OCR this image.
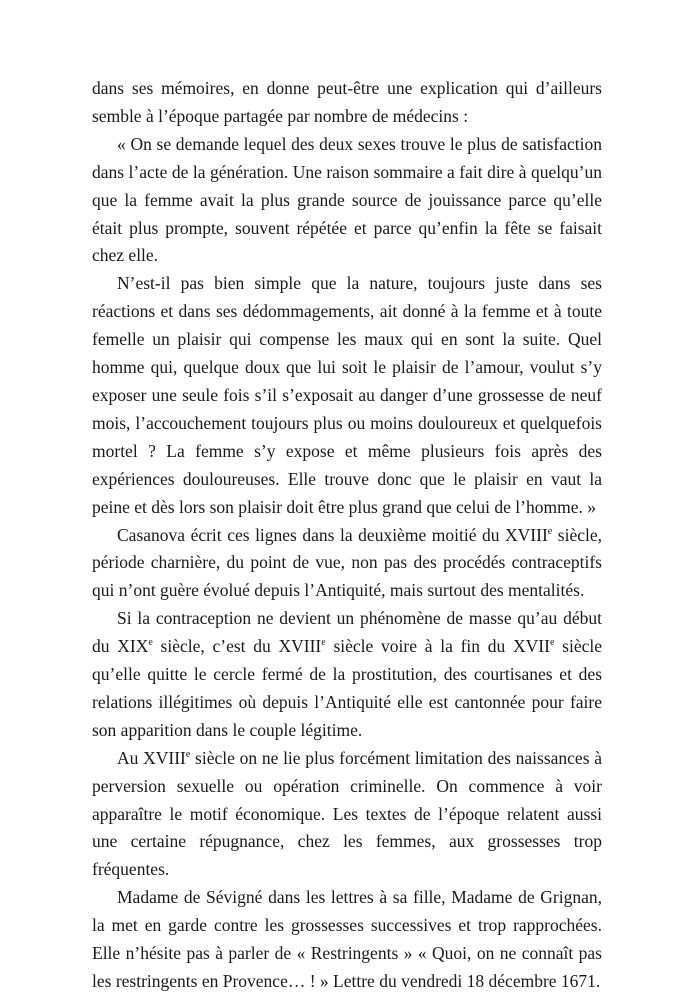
dans ses mémoires, en donne peut-être une explication qui d’ailleurs semble à l’époque partagée par nombre de médecins :

« On se demande lequel des deux sexes trouve le plus de satisfaction dans l’acte de la génération. Une raison sommaire a fait dire à quelqu’un que la femme avait la plus grande source de jouissance parce qu’elle était plus prompte, souvent répétée et parce qu’enfin la fête se faisait chez elle.

N’est-il pas bien simple que la nature, toujours juste dans ses réactions et dans ses dédommagements, ait donné à la femme et à toute femelle un plaisir qui compense les maux qui en sont la suite. Quel homme qui, quelque doux que lui soit le plaisir de l’amour, voulut s’y exposer une seule fois s’il s’exposait au danger d’une grossesse de neuf mois, l’accouchement toujours plus ou moins douloureux et quelquefois mortel ? La femme s’y expose et même plusieurs fois après des expériences douloureuses. Elle trouve donc que le plaisir en vaut la peine et dès lors son plaisir doit être plus grand que celui de l’homme. »

Casanova écrit ces lignes dans la deuxième moitié du XVIIIe siècle, période charnière, du point de vue, non pas des procédés contraceptifs qui n’ont guère évolué depuis l’Antiquité, mais surtout des mentalités.

Si la contraception ne devient un phénomène de masse qu’au début du XIXe siècle, c’est du XVIIIe siècle voire à la fin du XVIIe siècle qu’elle quitte le cercle fermé de la prostitution, des courtisanes et des relations illégitimes où depuis l’Antiquité elle est cantonnée pour faire son apparition dans le couple légitime.

Au XVIIIe siècle on ne lie plus forcément limitation des naissances à perversion sexuelle ou opération criminelle. On commence à voir apparaître le motif économique. Les textes de l’époque relatent aussi une certaine répugnance, chez les femmes, aux grossesses trop fréquentes.

Madame de Sévigné dans les lettres à sa fille, Madame de Grignan, la met en garde contre les grossesses successives et trop rapprochées. Elle n’hésite pas à parler de « Restringents » « Quoi, on ne connaît pas les restringents en Provence… ! » Lettre du vendredi 18 décembre 1671.
